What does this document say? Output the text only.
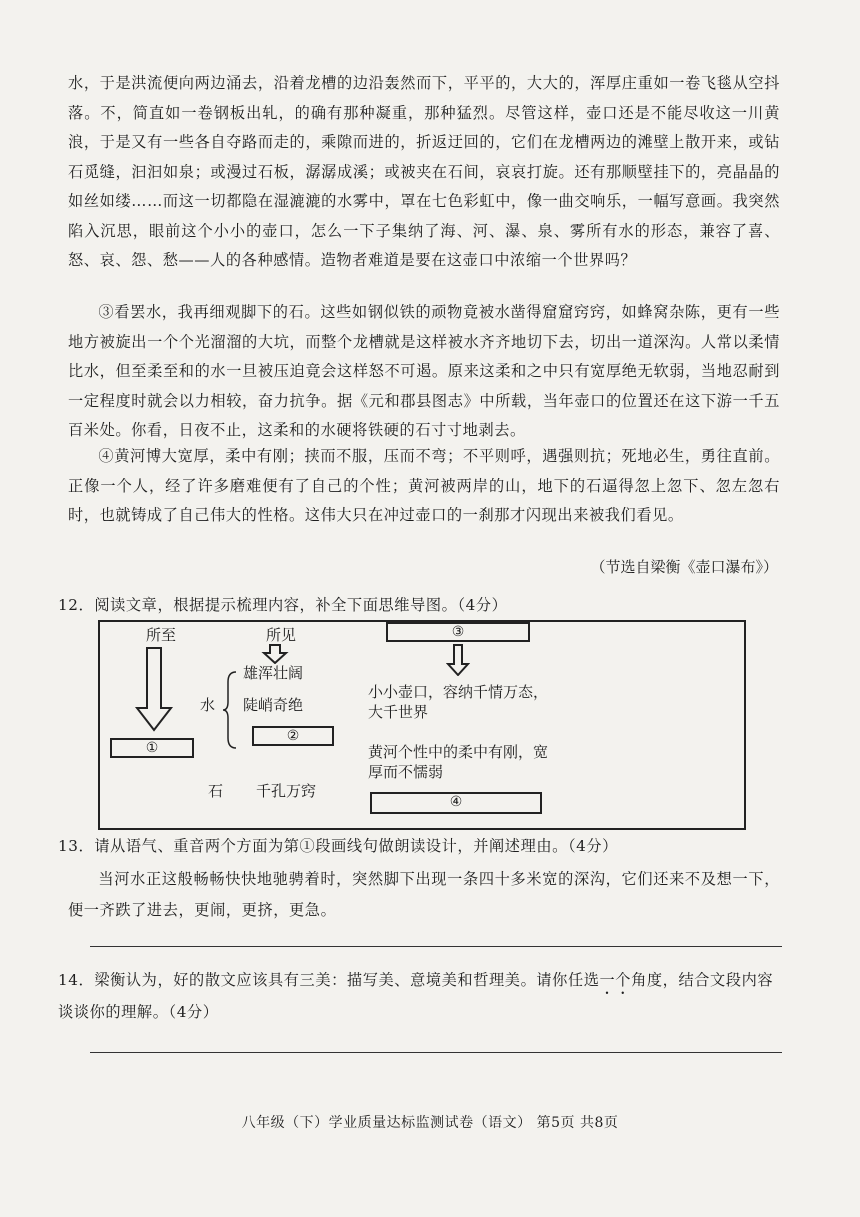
水，于是洪流便向两边涌去，沿着龙槽的边沿轰然而下，平平的，大大的，浑厚庄重如一卷飞毯从空抖落。不，简直如一卷钢板出轧，的确有那种凝重，那种猛烈。尽管这样，壶口还是不能尽收这一川黄浪，于是又有一些各自夺路而走的，乘隙而进的，折返迂回的，它们在龙槽两边的滩壁上散开来，或钻石觅缝，汩汩如泉；或漫过石板，潺潺成溪；或被夹在石间，哀哀打旋。还有那顺壁挂下的，亮晶晶的如丝如缕……而这一切都隐在湿漉漉的水雾中，罩在七色彩虹中，像一曲交响乐，一幅写意画。我突然陷入沉思，眼前这个小小的壶口，怎么一下子集纳了海、河、瀑、泉、雾所有水的形态，兼容了喜、怒、哀、怨、愁——人的各种感情。造物者难道是要在这壶口中浓缩一个世界吗？

③看罢水，我再细观脚下的石。这些如钢似铁的顽物竟被水凿得窟窟窍窍，如蜂窝杂陈，更有一些地方被旋出一个个光溜溜的大坑，而整个龙槽就是这样被水齐齐地切下去，切出一道深沟。人常以柔情比水，但至柔至和的水一旦被压迫竟会这样怒不可遏。原来这柔和之中只有宽厚绝无软弱，当地忍耐到一定程度时就会以力相较，奋力抗争。据《元和郡县图志》中所载，当年壶口的位置还在这下游一千五百米处。你看，日夜不止，这柔和的水硬将铁硬的石寸寸地剥去。

④黄河博大宽厚，柔中有刚；挟而不服，压而不弯；不平则呼，遇强则抗；死地必生，勇往直前。正像一个人，经了许多磨难便有了自己的个性；黄河被两岸的山，地下的石逼得忽上忽下、忽左忽右时，也就铸成了自己伟大的性格。这伟大只在冲过壶口的一刹那才闪现出来被我们看见。

（节选自梁衡《壶口瀑布》）

12．阅读文章，根据提示梳理内容，补全下面思维导图。（4分）

所至	所见
雄浑壮阔
水 陡峭奇绝
①
②
石 千孔万窍
③
小小壶口，容纳千情万态，大千世界
黄河个性中的柔中有刚，宽厚而不懦弱
④

13．请从语气、重音两个方面为第①段画线句做朗读设计，并阐述理由。（4分）

当河水正这般畅畅快快地驰骋着时，突然脚下出现一条四十多米宽的深沟，它们还来不及想一下，便一齐跌了进去，更闹，更挤，更急。

14．梁衡认为，好的散文应该具有三美：描写美、意境美和哲理美。请你任选一个角度，结合文段内容谈谈你的理解。（4分）

八年级（下）学业质量达标监测试卷（语文） 第5页 共8页
